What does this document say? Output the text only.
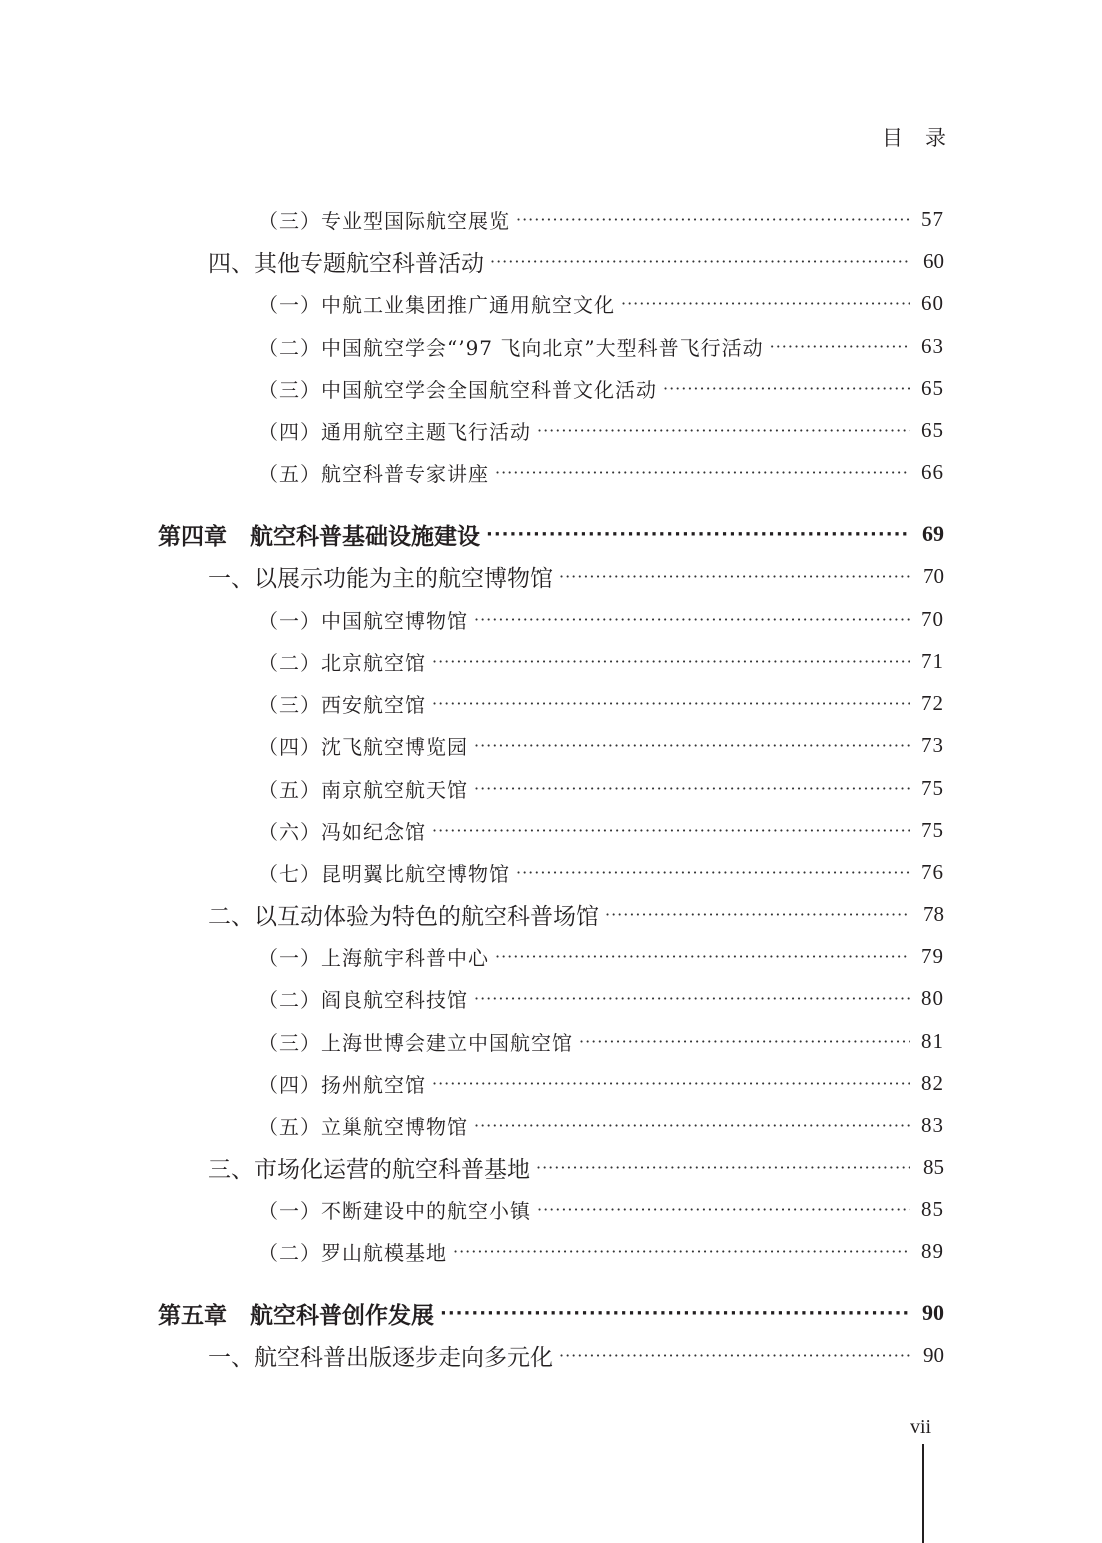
目录
（三）专业型国际航空展览 ·····	57
四、其他专题航空科普活动 ·····	60
（一）中航工业集团推广通用航空文化 ·····	60
（二）中国航空学会“’97 飞向北京”大型科普飞行活动 ·····	63
（三）中国航空学会全国航空科普文化活动 ·····	65
（四）通用航空主题飞行活动 ·····	65
（五）航空科普专家讲座 ·····	66
第四章　航空科普基础设施建设 ·····	69
一、以展示功能为主的航空博物馆 ·····	70
（一）中国航空博物馆 ·····	70
（二）北京航空馆 ·····	71
（三）西安航空馆 ·····	72
（四）沈飞航空博览园 ·····	73
（五）南京航空航天馆 ·····	75
（六）冯如纪念馆 ·····	75
（七）昆明翼比航空博物馆 ·····	76
二、以互动体验为特色的航空科普场馆 ·····	78
（一）上海航宇科普中心 ·····	79
（二）阎良航空科技馆 ·····	80
（三）上海世博会建立中国航空馆 ·····	81
（四）扬州航空馆 ·····	82
（五）立巢航空博物馆 ·····	83
三、市场化运营的航空科普基地 ·····	85
（一）不断建设中的航空小镇 ·····	85
（二）罗山航模基地 ·····	89
第五章　航空科普创作发展 ·····	90
一、航空科普出版逐步走向多元化 ·····	90
vii
